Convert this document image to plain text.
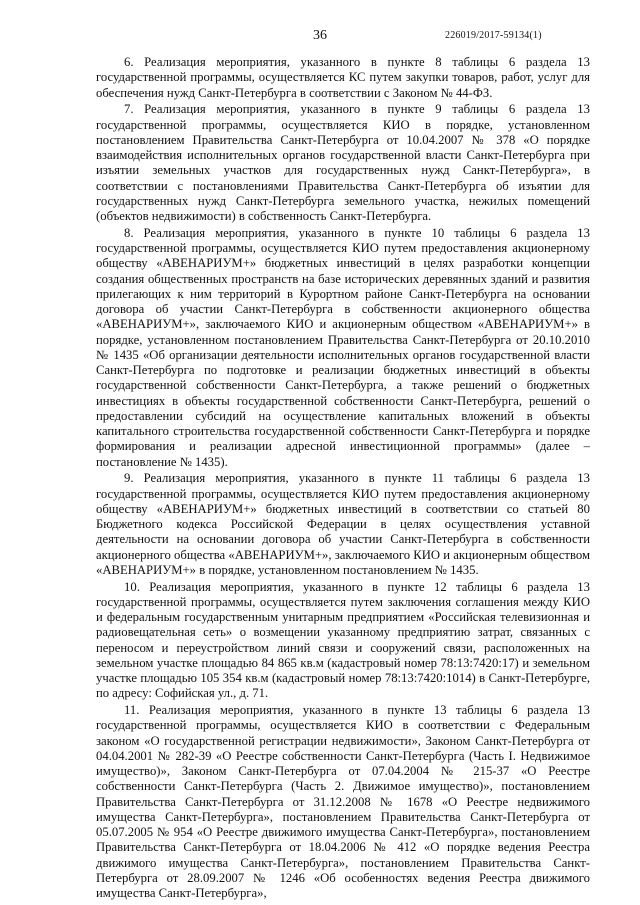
36	226019/2017-59134(1)

6. Реализация мероприятия, указанного в пункте 8 таблицы 6 раздела 13 государственной программы, осуществляется КС путем закупки товаров, работ, услуг для обеспечения нужд Санкт-Петербурга в соответствии с Законом № 44-ФЗ.

7. Реализация мероприятия, указанного в пункте 9 таблицы 6 раздела 13 государственной программы, осуществляется КИО в порядке, установленном постановлением Правительства Санкт-Петербурга от 10.04.2007 № 378 «О порядке взаимодействия исполнительных органов государственной власти Санкт-Петербурга при изъятии земельных участков для государственных нужд Санкт-Петербурга», в соответствии с постановлениями Правительства Санкт-Петербурга об изъятии для государственных нужд Санкт-Петербурга земельного участка, нежилых помещений (объектов недвижимости) в собственность Санкт-Петербурга.

8. Реализация мероприятия, указанного в пункте 10 таблицы 6 раздела 13 государственной программы, осуществляется КИО путем предоставления акционерному обществу «АВЕНАРИУМ+» бюджетных инвестиций в целях разработки концепции создания общественных пространств на базе исторических деревянных зданий и развития прилегающих к ним территорий в Курортном районе Санкт-Петербурга на основании договора об участии Санкт-Петербурга в собственности акционерного общества «АВЕНАРИУМ+», заключаемого КИО и акционерным обществом «АВЕНАРИУМ+» в порядке, установленном постановлением Правительства Санкт-Петербурга от 20.10.2010 № 1435 «Об организации деятельности исполнительных органов государственной власти Санкт-Петербурга по подготовке и реализации бюджетных инвестиций в объекты государственной собственности Санкт-Петербурга, а также решений о бюджетных инвестициях в объекты государственной собственности Санкт-Петербурга, решений о предоставлении субсидий на осуществление капитальных вложений в объекты капитального строительства государственной собственности Санкт-Петербурга и порядке формирования и реализации адресной инвестиционной программы» (далее – постановление № 1435).

9. Реализация мероприятия, указанного в пункте 11 таблицы 6 раздела 13 государственной программы, осуществляется КИО путем предоставления акционерному обществу «АВЕНАРИУМ+» бюджетных инвестиций в соответствии со статьей 80 Бюджетного кодекса Российской Федерации в целях осуществления уставной деятельности на основании договора об участии Санкт-Петербурга в собственности акционерного общества «АВЕНАРИУМ+», заключаемого КИО и акционерным обществом «АВЕНАРИУМ+» в порядке, установленном постановлением № 1435.

10. Реализация мероприятия, указанного в пункте 12 таблицы 6 раздела 13 государственной программы, осуществляется путем заключения соглашения между КИО и федеральным государственным унитарным предприятием «Российская телевизионная и радиовещательная сеть» о возмещении указанному предприятию затрат, связанных с переносом и переустройством линий связи и сооружений связи, расположенных на земельном участке площадью 84 865 кв.м (кадастровый номер 78:13:7420:17) и земельном участке площадью 105 354 кв.м (кадастровый номер 78:13:7420:1014) в Санкт-Петербурге, по адресу: Софийская ул., д. 71.

11. Реализация мероприятия, указанного в пункте 13 таблицы 6 раздела 13 государственной программы, осуществляется КИО в соответствии с Федеральным законом «О государственной регистрации недвижимости», Законом Санкт-Петербурга от 04.04.2001 № 282-39 «О Реестре собственности Санкт-Петербурга (Часть I. Недвижимое имущество)», Законом Санкт-Петербурга от 07.04.2004 № 215-37 «О Реестре собственности Санкт-Петербурга (Часть 2. Движимое имущество)», постановлением Правительства Санкт-Петербурга от 31.12.2008 № 1678 «О Реестре недвижимого имущества Санкт-Петербурга», постановлением Правительства Санкт-Петербурга от 05.07.2005 № 954 «О Реестре движимого имущества Санкт-Петербурга», постановлением Правительства Санкт-Петербурга от 18.04.2006 № 412 «О порядке ведения Реестра движимого имущества Санкт-Петербурга», постановлением Правительства Санкт-Петербурга от 28.09.2007 № 1246 «Об особенностях ведения Реестра движимого имущества Санкт-Петербурга»,
